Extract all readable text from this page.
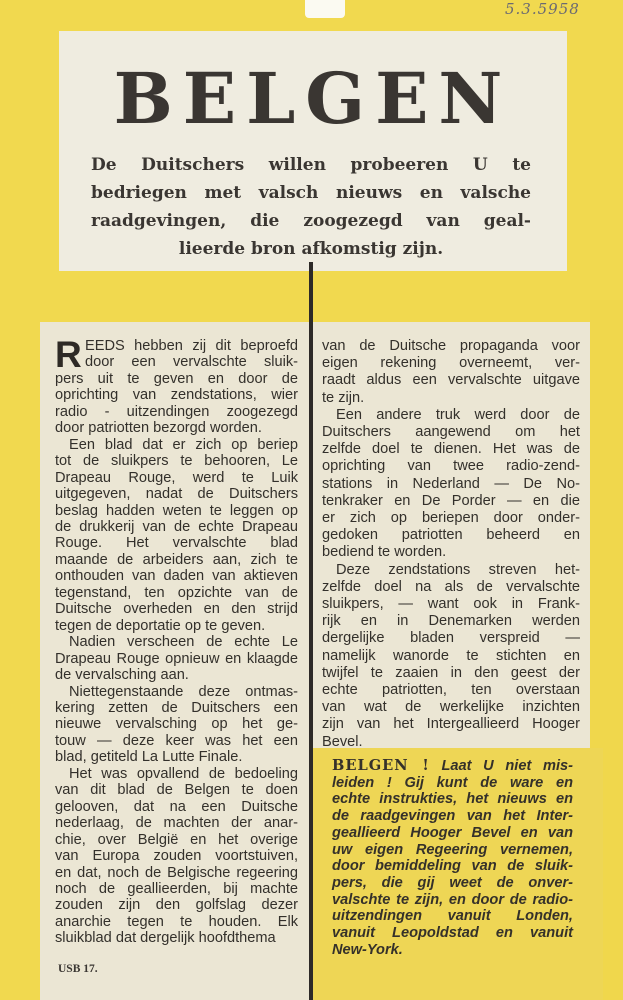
5.3.5958
BELGEN
De Duitschers willen probeeren U te
bedriegen met valsch nieuws en valsche
raadgevingen, die zoogezegd van geal-
lieerde bron afkomstig zijn.
R EEDS hebben zij dit beproefd
door een vervalschte sluik-
pers uit te geven en door de
oprichting van zendstations, wier
radio - uitzendingen zoogezegd
door patriotten bezorgd worden.
Een blad dat er zich op beriep
tot de sluikpers te behooren, Le
Drapeau Rouge, werd te Luik
uitgegeven, nadat de Duitschers
beslag hadden weten te leggen op
de drukkerij van de echte Drapeau
Rouge. Het vervalschte blad
maande de arbeiders aan, zich te
onthouden van daden van aktieven
tegenstand, ten opzichte van de
Duitsche overheden en den strijd
tegen de deportatie op te geven.
Nadien verscheen de echte Le
Drapeau Rouge opnieuw en klaagde
de vervalsching aan.
Niettegenstaande deze ontmas-
kering zetten de Duitschers een
nieuwe vervalsching op het ge-
touw — deze keer was het een
blad, getiteld La Lutte Finale.
Het was opvallend de bedoeling
van dit blad de Belgen te doen
gelooven, dat na een Duitsche
nederlaag, de machten der anar-
chie, over België en het overige
van Europa zouden voortstuiven,
en dat, noch de Belgische regeering
noch de geallieerden, bij machte
zouden zijn den golfslag dezer
anarchie tegen te houden. Elk
sluikblad dat dergelijk hoofdthema
van de Duitsche propaganda voor
eigen rekening overneemt, ver-
raadt aldus een vervalschte uitgave
te zijn.
Een andere truk werd door de
Duitschers aangewend om het
zelfde doel te dienen. Het was de
oprichting van twee radio-zend-
stations in Nederland — De No-
tenkraker en De Porder — en die
er zich op beriepen door onder-
gedoken patriotten beheerd en
bediend te worden.
Deze zendstations streven het-
zelfde doel na als de vervalschte
sluikpers, — want ook in Frank-
rijk en in Denemarken werden
dergelijke bladen verspreid —
namelijk wanorde te stichten en
twijfel te zaaien in den geest der
echte patriotten, ten overstaan
van wat de werkelijke inzichten
zijn van het Intergeallieerd Hooger
Bevel.
BELGEN ! Laat U niet mis-
leiden ! Gij kunt de ware en
echte instrukties, het nieuws en
de raadgevingen van het Inter-
geallieerd Hooger Bevel en van
uw eigen Regeering vernemen,
door bemiddeling van de sluik-
pers, die gij weet de onver-
valschte te zijn, en door de radio-
uitzendingen vanuit Londen,
vanuit Leopoldstad en vanuit
New-York.
USB 17.
